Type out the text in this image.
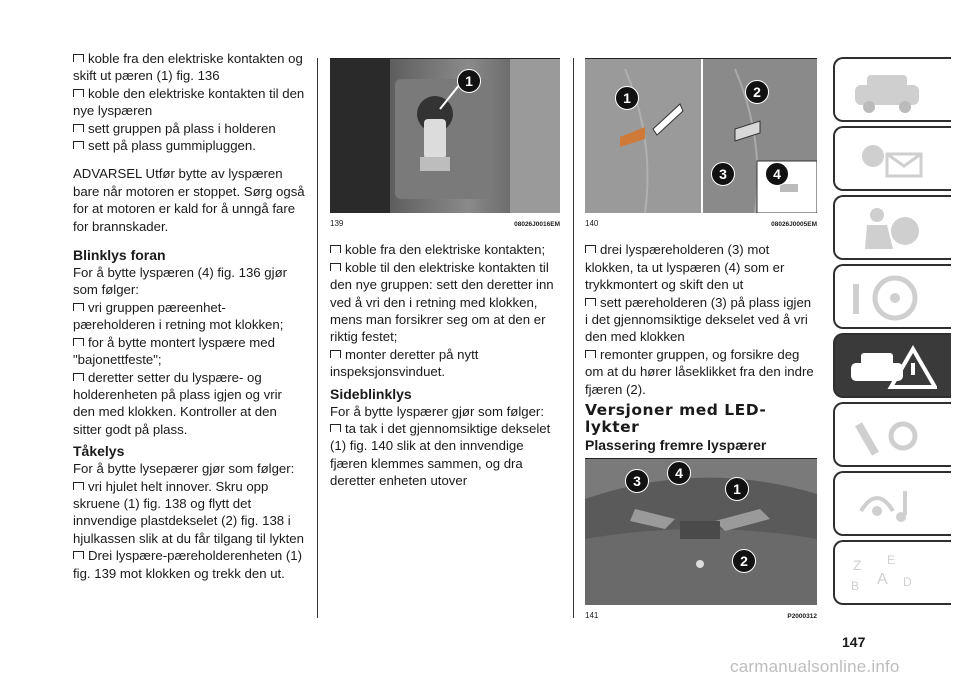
koble fra den elektriske kontakten og skift ut pæren (1) fig. 136

koble den elektriske kontakten til den nye lyspæren

sett gruppen på plass i holderen

sett på plass gummipluggen.

ADVARSEL Utfør bytte av lyspæren bare når motoren er stoppet. Sørg også for at motoren er kald for å unngå fare for brannskader.

Blinklys foran

For å bytte lyspæren (4) fig. 136 gjør som følger:

vri gruppen pæreenhet-pæreholderen i retning mot klokken;

for å bytte montert lyspære med "bajonettfeste";

deretter setter du lyspære- og holderenheten på plass igjen og vrir den med klokken. Kontroller at den sitter godt på plass.

Tåkelys

For å bytte lysepærer gjør som følger:

vri hjulet helt innover. Skru opp skruene (1) fig. 138 og flytt det innvendige plastdekselet (2) fig. 138 i hjulkassen slik at du får tilgang til lykten

Drei lyspære-pæreholderenheten (1) fig. 139 mot klokken og trekk den ut.

1
139	08026J0016EM

koble fra den elektriske kontakten;

koble til den elektriske kontakten til den nye gruppen: sett den deretter inn ved å vri den i retning med klokken, mens man forsikrer seg om at den er riktig festet;

monter deretter på nytt inspeksjonsvinduet.

Sideblinklys

For å bytte lyspærer gjør som følger:

ta tak i det gjennomsiktige dekselet (1) fig. 140 slik at den innvendige fjæren klemmes sammen, og dra deretter enheten utover

1	2
3	4
140	08026J0005EM

drei lyspæreholderen (3) mot klokken, ta ut lyspæren (4) som er trykkmontert og skift den ut

sett pæreholderen (3) på plass igjen i det gjennomsiktige dekselet ved å vri den med klokken

remonter gruppen, og forsikre deg om at du hører låseklikket fra den indre fjæren (2).

Versjoner med LED-lykter
Plassering fremre lyspærer
3	4
1
2
141	P2000312
Z E
B A D
147
carmanualsonline.info
